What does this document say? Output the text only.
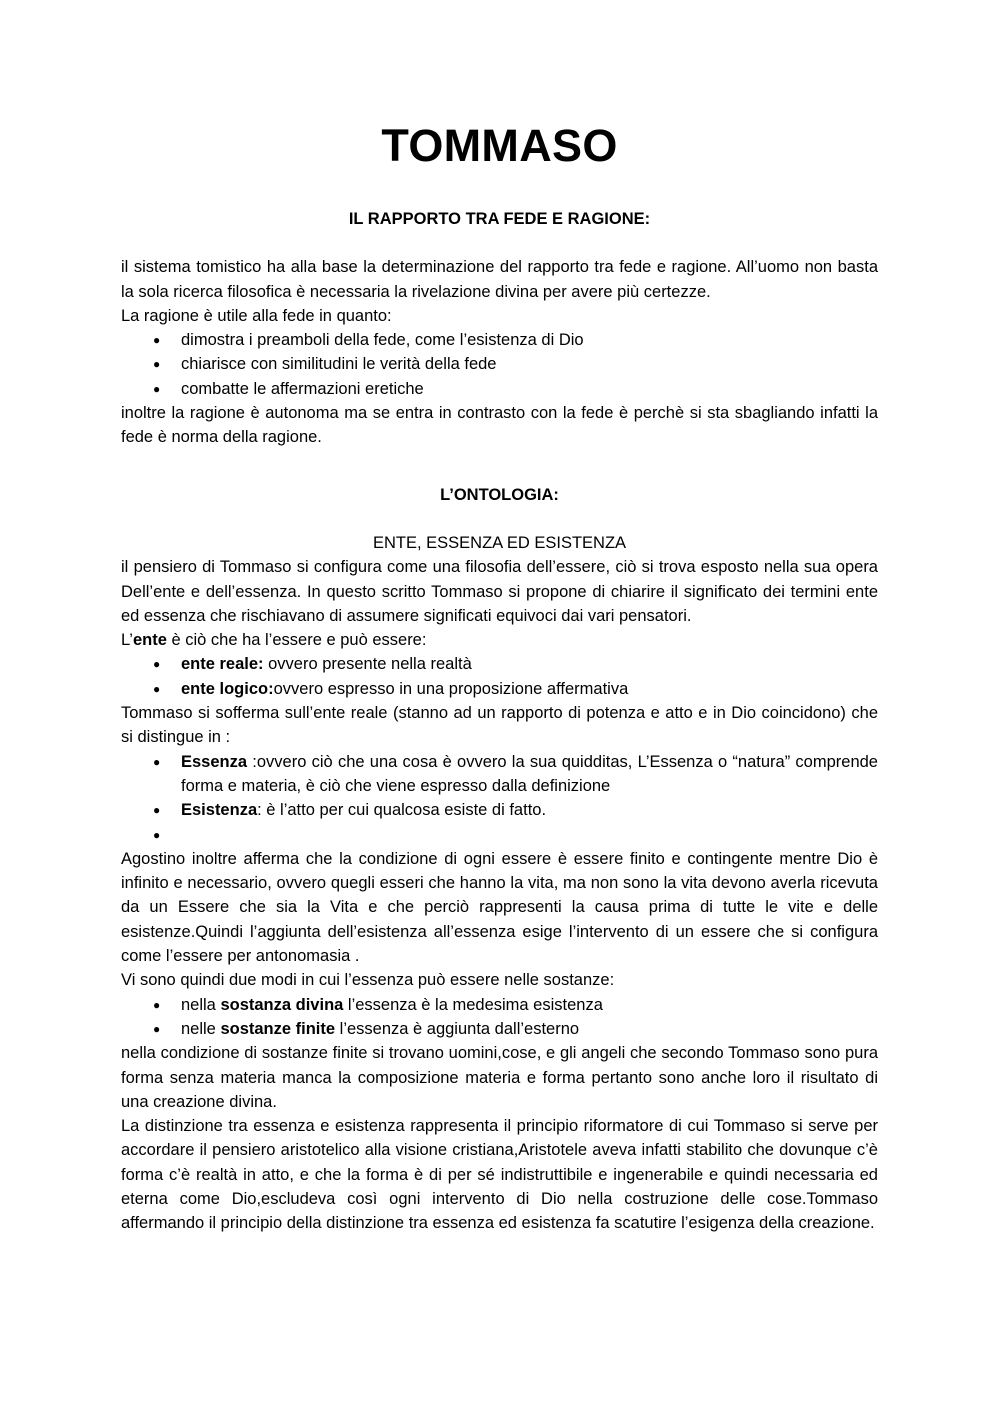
TOMMASO
IL RAPPORTO TRA FEDE E RAGIONE:

il sistema tomistico ha alla base la determinazione del rapporto tra fede e ragione. All’uomo non basta la sola ricerca filosofica è necessaria la rivelazione divina per avere più certezze.

La ragione è utile alla fede in quanto:

● dimostra i preamboli della fede, come l’esistenza di Dio
● chiarisce con similitudini le verità della fede
● combatte le affermazioni eretiche

inoltre la ragione è autonoma ma se entra in contrasto con la fede è perchè si sta sbagliando infatti la fede è norma della ragione.

L’ONTOLOGIA:
ENTE, ESSENZA ED ESISTENZA

il pensiero di Tommaso si configura come una filosofia dell’essere, ciò si trova esposto nella sua opera Dell’ente e dell’essenza. In questo scritto Tommaso si propone di chiarire il significato dei termini ente ed essenza che rischiavano di assumere significati equivoci dai vari pensatori.

L’ente è ciò che ha l’essere e può essere:

● ente reale: ovvero presente nella realtà
● ente logico:ovvero espresso in una proposizione affermativa

Tommaso si sofferma sull’ente reale (stanno ad un rapporto di potenza e atto e in Dio coincidono) che si distingue in :

● Essenza :ovvero ciò che una cosa è ovvero la sua quidditas, L’Essenza o “natura” comprende forma e materia, è ciò che viene espresso dalla definizione
● Esistenza: è l’atto per cui qualcosa esiste di fatto.
●

Agostino inoltre afferma che la condizione di ogni essere è essere finito e contingente mentre Dio è infinito e necessario, ovvero quegli esseri che hanno la vita, ma non sono la vita devono averla ricevuta da un Essere che sia la Vita e che perciò rappresenti la causa prima di tutte le vite e delle esistenze.Quindi l’aggiunta dell’esistenza all’essenza esige l’intervento di un essere che si configura come l’essere per antonomasia .

Vi sono quindi due modi in cui l’essenza può essere nelle sostanze:

● nella sostanza divina l’essenza è la medesima esistenza
● nelle sostanze finite l’essenza è aggiunta dall’esterno

nella condizione di sostanze finite si trovano uomini,cose, e gli angeli che secondo Tommaso sono pura forma senza materia manca la composizione materia e forma pertanto sono anche loro il risultato di una creazione divina.

La distinzione tra essenza e esistenza rappresenta il principio riformatore di cui Tommaso si serve per accordare il pensiero aristotelico alla visione cristiana,Aristotele aveva infatti stabilito che dovunque c’è forma c’è realtà in atto, e che la forma è di per sé indistruttibile e ingenerabile e quindi necessaria ed eterna come Dio,escludeva così ogni intervento di Dio nella costruzione delle cose.Tommaso affermando il principio della distinzione tra essenza ed esistenza fa scatutire l’esigenza della creazione.
